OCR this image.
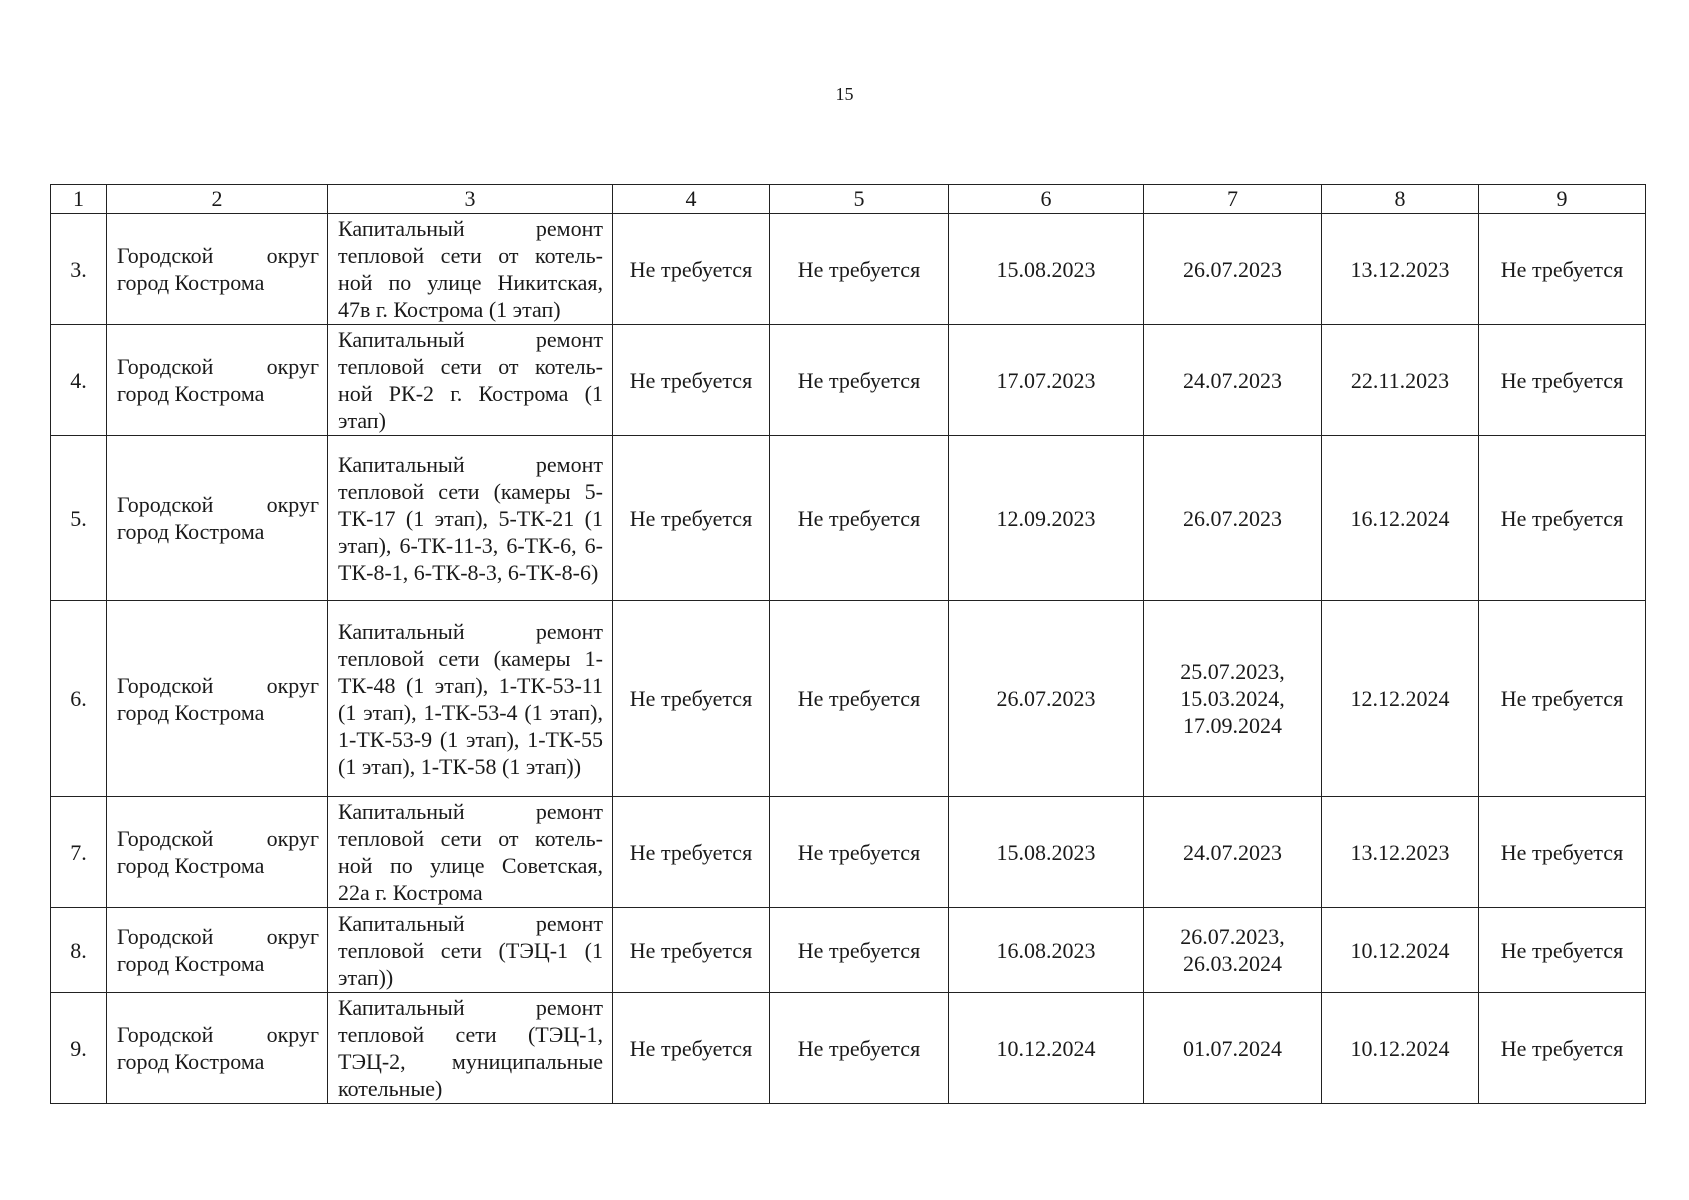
15
1	2	3	4	5	6	7	8	9
3.	Городской округ город Кострома	Капитальный ремонт тепловой сети от котель-ной по улице Никитская, 47в г. Кострома (1 этап)	Не требуется	Не требуется	15.08.2023	26.07.2023	13.12.2023	Не требуется
4.	Городской округ город Кострома	Капитальный ремонт тепловой сети от котель-ной РК-2 г. Кострома (1 этап)	Не требуется	Не требуется	17.07.2023	24.07.2023	22.11.2023	Не требуется
5.	Городской округ город Кострома	Капитальный ремонт тепловой сети (камеры 5-ТК-17 (1 этап), 5-ТК-21 (1 этап), 6-ТК-11-3, 6-ТК-6, 6-ТК-8-1, 6-ТК-8-3, 6-ТК-8-6)	Не требуется	Не требуется	12.09.2023	26.07.2023	16.12.2024	Не требуется
6.	Городской округ город Кострома	Капитальный ремонт тепловой сети (камеры 1-ТК-48 (1 этап), 1-ТК-53-11 (1 этап), 1-ТК-53-4 (1 этап), 1-ТК-53-9 (1 этап), 1-ТК-55 (1 этап), 1-ТК-58 (1 этап))	Не требуется	Не требуется	26.07.2023	25.07.2023, 15.03.2024, 17.09.2024	12.12.2024	Не требуется
7.	Городской округ город Кострома	Капитальный ремонт тепловой сети от котель-ной по улице Советская, 22а г. Кострома	Не требуется	Не требуется	15.08.2023	24.07.2023	13.12.2023	Не требуется
8.	Городской округ город Кострома	Капитальный ремонт тепловой сети (ТЭЦ-1 (1 этап))	Не требуется	Не требуется	16.08.2023	26.07.2023, 26.03.2024	10.12.2024	Не требуется
9.	Городской округ город Кострома	Капитальный ремонт тепловой сети (ТЭЦ-1, ТЭЦ-2, муниципальные котельные)	Не требуется	Не требуется	10.12.2024	01.07.2024	10.12.2024	Не требуется
